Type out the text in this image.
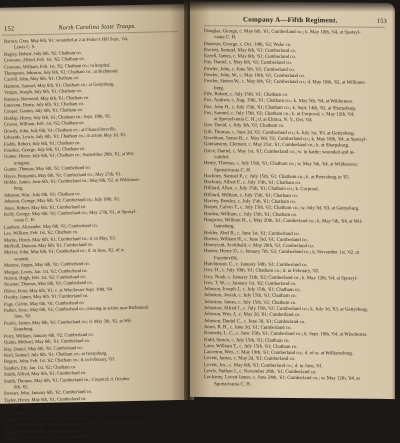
152	North Carolina State Troops.
Barney, Gray, May 6th, '61; wounded at 2 at Fisher's Hill Sept., '64,
Lewis C. S.
Bagley, Robert, July 6th, '62; Chatham co.
Crowson, Alfred, Feb. 1st, '62; Chatham co.
Crowson, William, Feb. 1st, '62; Chatham co.; in hospital.
Thompson, Johnson, July 6th, '61; Chatham co.; at Richmond.
Carroll, John, May 6th, '61; Chatham co.
Harmon, Samuel, May 6th, '61; Chatham co.; at Gettysburg.
Yergan, Joseph, July 6th, '61; Chatham co.
Ramsey, Norwood, May 6th, '61; Chatham co.
Emerson, Henry, July 6th, '61; Chatham co.
Cooper, Gaston, July 6th, '61; Chatham co.
Dunlap, Henry, July 6th, '61; Chatham co.; Sept. 18th, '61.
Craven, William, Feb. 1st, '62; Chatham co.
Dowdy, John, July 6th, '61; Chatham co.; at Chancellorsville.
Edwards, Lewis, July 6th, '61; Chatham co.; in action May 3d, '63.
Fields, Robert, July 6th, '61; Chatham co.
Foushee, George, July 6th, '61; Chatham co.
Gunter, Henry, July 6th, '61; Chatham co.; September 28th, '61, at Wil-
mington.
Gunter, Thomas, May 6th, '61; Cumberland co.
Hayes, Benjamin, May 6th, '61; Cumberland co.; May 27th, '61.
Holder, James, June 6th, '61; Cumberland co.; May 6th, '62, at Wildernes-
burg.
Johnson, Wm., July 6th, '61; Chatham co.
Johnson, George, May 6th, '61; Cumberland co.; July 18th, '61.
Jones, Robert, May 6th, '61; Cumberland co.
Kelly, George, May 6th, '61; Cumberland co.; May 27th, '61, at Spotsyl-
vania C. H.
Lambert, Alexander, May 6th, '61; Cumberland co.
Lee, William, Feb. 1st, '62; Chatham co.
Martin, Henry, May 6th, '61; Cumberland co.; d. in May, '63.
McNeill, Duncan, May 6th, '61; Cumberland co.
McIver, John, May 6th, '61; Cumberland co.; d. in June, '62, of w.
wounds.
Monroe, Angus, May 6th, '61; Cumberland co.
Morgan, Lewis, Jan. 1st, '62; Cumberland co.
Nelson, Hugh, Feb. 1st, '62; Cumberland co.
Newton, Thomas, May 6th, '61; Cumberland co.
Oliver, Peter, May 6th, '61; c. at Winchester Sept. 19th, '64.
Overby, James, May 6th, '61; Cumberland co.
Page, Calvin, May 6th, '61; Cumberland co.
Parker, Jesse, May 6th, '61; Cumberland co.; missing in action near Richmond
June, '62.
Pearce, James, May 6th, '61; Cumberland co.; d. May 5th, '62, at Wil-
liamsburg.
Perry, William, January 6th, '62; Cumberland co.
Quinn, Michael, May 6th, '61; Cumberland co.
Ray, Daniel, May 6th, '61; Cumberland co.
Reid, Samuel, July 6th, '61; Chatham co.; at Gettysburg.
Rogers, John, Feb. 1st, '62; Chatham co.; d. in February, '63.
Sanders, Ely, Jan. 1st, '62; Chatham co.
Smith, Alfred, May 6th, '61; Cumberland co.
Smith, Thomas, May 6th, '61; Cumberland co.; Corporal; d. October
6th, '62.
Stewart, John, January 6th, '62; Cumberland co.
Taylor, Henry, May 6th, '61; Cumberland co.
Thomas, James, May 6th, '61; Cumberland co.; d. Sept. 18th, '62, at Win-
chester.
Upton, William, May 6th, '61; Cumberland co.
Vann, Joseph, Jan. 1st, '62; Cumberland co.; d. Nov. 17th, '62, at Cold Harbor.
Walker, John, Jan. 6th, '62; Cumberland co.
Wilson, Robert, May 6th, '61; Cumberland co.
Company A—Fifth Regiment.	153
Douglas, George, c. May 6th, '61; Cumberland co.; k. May 10th, '64, at Spotsyl-
vania C. H.
Dunston, George, c. Oct. 14th, '62; Wake co.
Everett, Samuel, May 6th, '61; Cumberland co.
Ezzell, James, c. May 6th, '61; Cumberland co.
Fay, Daniel, c. May 6th, '61; Cumberland co.
Fowler, John, c. June 5th, '61; Cumberland co.
Fowler, John, W., c. May 10th, '61; Cumberland co.
Fowler, Simon W., c. May 6th, '61; Cumberland co.; d. May 10th, '62, at Williams-
burg.
Fife, Robert, c. July 15th, '61; Chatham co.
Fox, Andrew, c. Aug. 19th, '61; Chatham co.; k. May 5th, '64, at Wilderness.
Fox, John H., c. July 15th, '61; Chatham co.; k. Sept. 14th, '62, at Sharpsburg.
Fox, Samuel, c. July 15th, '61; Chatham co.; k. at Corporal; c. May 12th, '64,
at Spotsylvania C. H.; d. at Elmira, N. Y., Oct. '64.
Gee, David, c. July 3th, '61; Chatham co.
Gill, Thomas, c. June 2d, '61; Cumberland co.; k. July 1st, '63, at Gettysburg.
Goodman, James B., c. May 6th, '61; Cumberland co.; k. May 10th, '64, at Spotsyl-
Gatmatseny, Clement, c. May 21st, '61; Cumberland co.; k. at Sharpsburg.
Grice, Daniel, c. May 1st, '61; Cumberland co.; w. in battle; wounded and in-
valided.
Henry, Thomas, c. July 15th, '61; Chatham co.; w. May 5th, '64, at Wilderness;
Spotsylvania C. H.
Hackney, Samuel P., c. July 15th, '61; Chatham co.; k. at Petersburg in '65.
Hackney, Albert F., c. July 15th, '61; Chatham co.
Hilliard, Allen, c. July 15th, '61; Chatham co.; k. Corporal.
Hilliard, William, c. July 15th, '61; Chatham co.
Harvey, Bentley, c. July 15th, '61; Chatham co.
Harper, Calvin T., c. July 15th, '61; Chatham co.; w. July 3d, '63, at Gettysburg.
Harden, William, c. July 15th, '61; Chatham co.
Hargrove, William H., c. May 20th, '61; Cumberland co.; k. May 5th, '64, at Wil-
liamsburg.
Holder, Abel B., c. June 1st, '61; Cumberland co.
Horton, William H., c. June 3rd, '61; Cumberland co.
Honeycutt, Archibald, c. May 20th, '61; Cumberland co.
Hunter, Henry D., c. January 7th, '62; Cumberland co.; k. November 1st, '62, at
Fayetteville.
Hutchinson, C., c. January 14th, '61; Cumberland co.
Ivey, H., c. July 10th, '61; Chatham co.; d. in February, '65.
Ivey, Noah, c. January 11th, '62; Cumberland co.; k. May 12th, '64, at Spotsyl-
Ivey, T. W., c. January 1st, '62; Cumberland co.
Johnson, Joseph J., c. July 15th, '61; Chatham co.
Johnston, Josiah, c. July 15th, '61; Chatham co.
Johnston, James, c. July 15th, '61; Chatham co.
Johnston, Alfred J., c. July 15th, '61; Cumberland co.; k. July 3d, '63, at Gettysburg.
Johnson, Wm. J., c. May 2d, '61; Cumberland co.
Johnson, Daniel C., c. June 3d, '61; Cumberland co.
Jones, R. B., c. June 3d, '61; Cumberland co.
Kennedy, L. C., c. June 15th, '61; Cumberland co.; k. Sept. 19th, '64, at Winchester.
Kidd, Simon, c. July 15th, '61; Chatham co.
Lane, William T., c. July 15th, '61; Chatham co.
Lanceton, Wm., c. May 19th, '61; Cumberland co.; d. of w. at Williamsburg.
Lovett, James, c. May 2d, '61; Cumberland co.
Lovett, Jos., c. May 6th, '61; Cumberland co.; d. in June, '61.
Lewis, Nathan J., c. November 28th, '61; Cumberland co.
Lockamy, Lovett James, c. June 24th, '61; Cumberland co.; w. May 12th, '64, at
Spotsylvania C. H.
